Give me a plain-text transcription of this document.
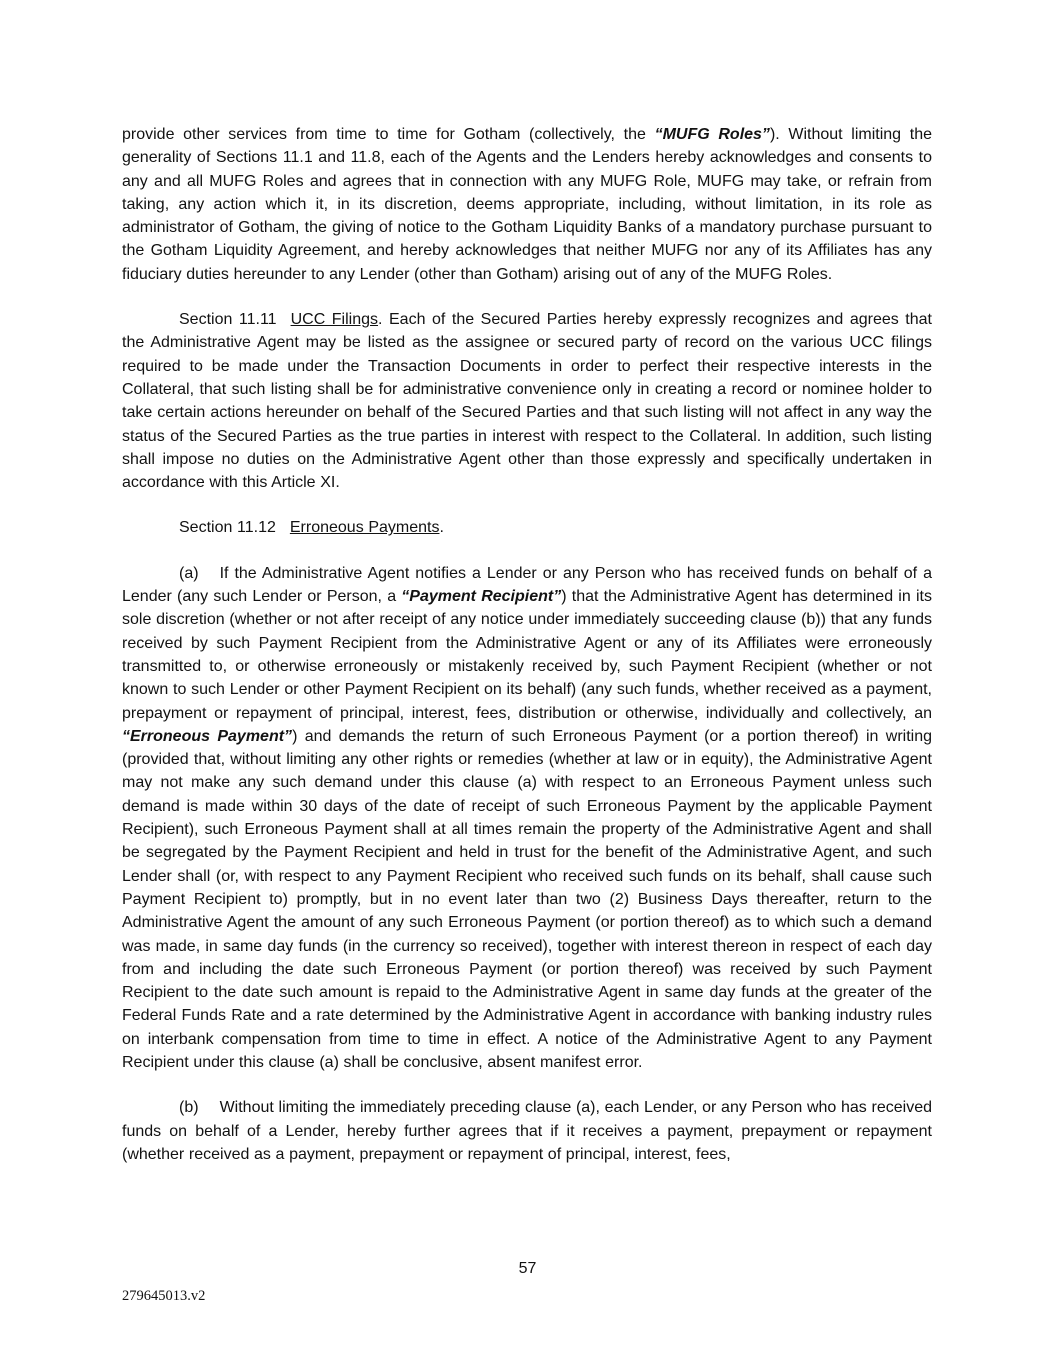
provide other services from time to time for Gotham (collectively, the “MUFG Roles”). Without limiting the generality of Sections 11.1 and 11.8, each of the Agents and the Lenders hereby acknowledges and consents to any and all MUFG Roles and agrees that in connection with any MUFG Role, MUFG may take, or refrain from taking, any action which it, in its discretion, deems appropriate, including, without limitation, in its role as administrator of Gotham, the giving of notice to the Gotham Liquidity Banks of a mandatory purchase pursuant to the Gotham Liquidity Agreement, and hereby acknowledges that neither MUFG nor any of its Affiliates has any fiduciary duties hereunder to any Lender (other than Gotham) arising out of any of the MUFG Roles.

Section 11.11 UCC Filings. Each of the Secured Parties hereby expressly recognizes and agrees that the Administrative Agent may be listed as the assignee or secured party of record on the various UCC filings required to be made under the Transaction Documents in order to perfect their respective interests in the Collateral, that such listing shall be for administrative convenience only in creating a record or nominee holder to take certain actions hereunder on behalf of the Secured Parties and that such listing will not affect in any way the status of the Secured Parties as the true parties in interest with respect to the Collateral. In addition, such listing shall impose no duties on the Administrative Agent other than those expressly and specifically undertaken in accordance with this Article XI.

Section 11.12 Erroneous Payments.

(a) If the Administrative Agent notifies a Lender or any Person who has received funds on behalf of a Lender (any such Lender or Person, a “Payment Recipient”) that the Administrative Agent has determined in its sole discretion (whether or not after receipt of any notice under immediately succeeding clause (b)) that any funds received by such Payment Recipient from the Administrative Agent or any of its Affiliates were erroneously transmitted to, or otherwise erroneously or mistakenly received by, such Payment Recipient (whether or not known to such Lender or other Payment Recipient on its behalf) (any such funds, whether received as a payment, prepayment or repayment of principal, interest, fees, distribution or otherwise, individually and collectively, an “Erroneous Payment”) and demands the return of such Erroneous Payment (or a portion thereof) in writing (provided that, without limiting any other rights or remedies (whether at law or in equity), the Administrative Agent may not make any such demand under this clause (a) with respect to an Erroneous Payment unless such demand is made within 30 days of the date of receipt of such Erroneous Payment by the applicable Payment Recipient), such Erroneous Payment shall at all times remain the property of the Administrative Agent and shall be segregated by the Payment Recipient and held in trust for the benefit of the Administrative Agent, and such Lender shall (or, with respect to any Payment Recipient who received such funds on its behalf, shall cause such Payment Recipient to) promptly, but in no event later than two (2) Business Days thereafter, return to the Administrative Agent the amount of any such Erroneous Payment (or portion thereof) as to which such a demand was made, in same day funds (in the currency so received), together with interest thereon in respect of each day from and including the date such Erroneous Payment (or portion thereof) was received by such Payment Recipient to the date such amount is repaid to the Administrative Agent in same day funds at the greater of the Federal Funds Rate and a rate determined by the Administrative Agent in accordance with banking industry rules on interbank compensation from time to time in effect. A notice of the Administrative Agent to any Payment Recipient under this clause (a) shall be conclusive, absent manifest error.

(b) Without limiting the immediately preceding clause (a), each Lender, or any Person who has received funds on behalf of a Lender, hereby further agrees that if it receives a payment, prepayment or repayment (whether received as a payment, prepayment or repayment of principal, interest, fees,

57
279645013.v2
